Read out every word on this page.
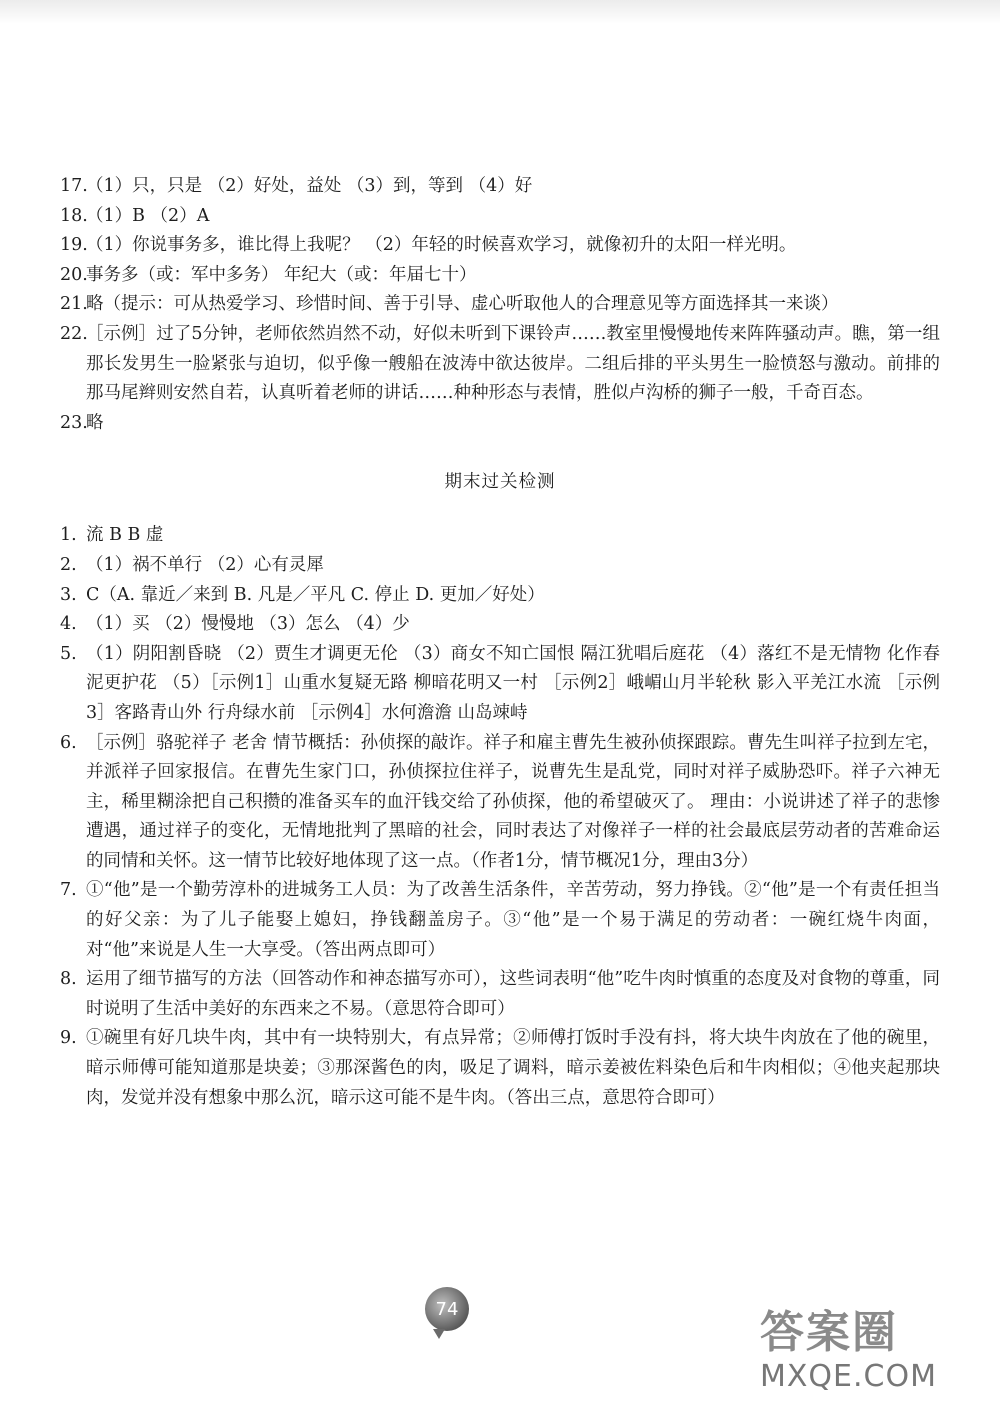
17.
（1）只，只是 （2）好处，益处 （3）到，等到 （4）好
18.
（1）B （2）A
19.
（1）你说事务多，谁比得上我呢？ （2）年轻的时候喜欢学习，就像初升的太阳一样光明。
20.
事务多（或：军中多务） 年纪大（或：年届七十）
21.
略（提示：可从热爱学习、珍惜时间、善于引导、虚心听取他人的合理意见等方面选择其一来谈）
22.
［示例］过了5分钟，老师依然岿然不动，好似未听到下课铃声……教室里慢慢地传来阵阵骚动声。瞧，第一组那长发男生一脸紧张与迫切，似乎像一艘船在波涛中欲达彼岸。二组后排的平头男生一脸愤怒与激动。前排的那马尾辫则安然自若，认真听着老师的讲话……种种形态与表情，胜似卢沟桥的狮子一般，千奇百态。
23.
略
期末过关检测
1. 流 B B 虚
2. （1）祸不单行 （2）心有灵犀
3. C（A. 靠近／来到 B. 凡是／平凡 C. 停止 D. 更加／好处）
4. （1）买 （2）慢慢地 （3）怎么 （4）少
5. （1）阴阳割昏晓 （2）贾生才调更无伦 （3）商女不知亡国恨 隔江犹唱后庭花 （4）落红不是无情物 化作春泥更护花 （5）［示例1］山重水复疑无路 柳暗花明又一村 ［示例2］峨嵋山月半轮秋 影入平羌江水流 ［示例3］客路青山外 行舟绿水前 ［示例4］水何澹澹 山岛竦峙
6. ［示例］骆驼祥子 老舍 情节概括：孙侦探的敲诈。祥子和雇主曹先生被孙侦探跟踪。曹先生叫祥子拉到左宅，并派祥子回家报信。在曹先生家门口，孙侦探拉住祥子，说曹先生是乱党，同时对祥子威胁恐吓。祥子六神无主，稀里糊涂把自己积攒的准备买车的血汗钱交给了孙侦探，他的希望破灭了。 理由：小说讲述了祥子的悲惨遭遇，通过祥子的变化，无情地批判了黑暗的社会，同时表达了对像祥子一样的社会最底层劳动者的苦难命运的同情和关怀。这一情节比较好地体现了这一点。（作者1分，情节概况1分，理由3分）
7. ①“他”是一个勤劳淳朴的进城务工人员：为了改善生活条件，辛苦劳动，努力挣钱。②“他”是一个有责任担当的好父亲：为了儿子能娶上媳妇，挣钱翻盖房子。③“他”是一个易于满足的劳动者：一碗红烧牛肉面，对“他”来说是人生一大享受。（答出两点即可）
8. 运用了细节描写的方法（回答动作和神态描写亦可），这些词表明“他”吃牛肉时慎重的态度及对食物的尊重，同时说明了生活中美好的东西来之不易。（意思符合即可）
9. ①碗里有好几块牛肉，其中有一块特别大，有点异常；②师傅打饭时手没有抖，将大块牛肉放在了他的碗里，暗示师傅可能知道那是块姜；③那深酱色的肉，吸足了调料，暗示姜被佐料染色后和牛肉相似；④他夹起那块肉，发觉并没有想象中那么沉，暗示这可能不是牛肉。（答出三点，意思符合即可）
74	答案圈
MXQE.COM
